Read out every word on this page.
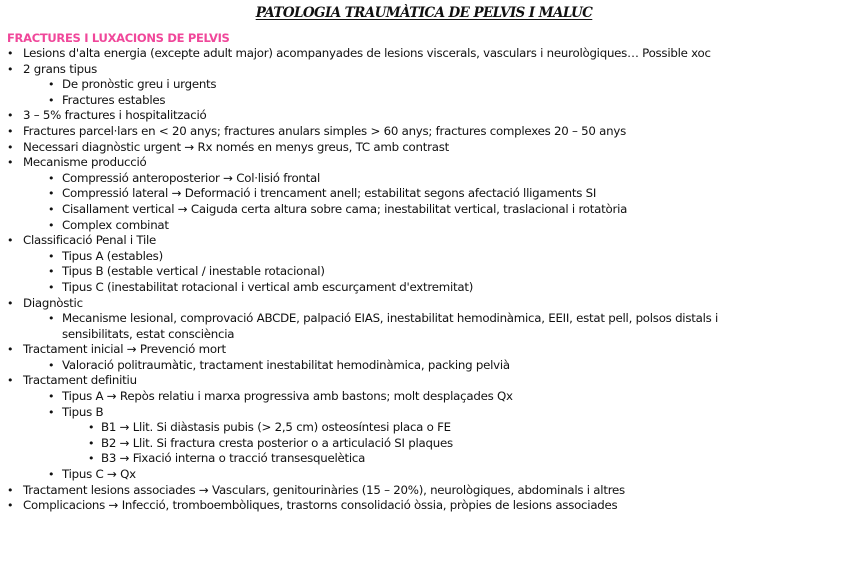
PATOLOGIA TRAUMÀTICA DE PELVIS I MALUC
FRACTURES I LUXACIONS DE PELVIS
• Lesions d'alta energia (excepte adult major) acompanyades de lesions viscerals, vasculars i neurològiques… Possible xoc
• 2 grans tipus
• De pronòstic greu i urgents
• Fractures estables
• 3 – 5% fractures i hospitalització
• Fractures parcel·lars en < 20 anys; fractures anulars simples > 60 anys; fractures complexes 20 – 50 anys
• Necessari diagnòstic urgent → Rx només en menys greus, TC amb contrast
• Mecanisme producció
• Compressió anteroposterior → Col·lisió frontal
• Compressió lateral → Deformació i trencament anell; estabilitat segons afectació lligaments SI
• Cisallament vertical → Caiguda certa altura sobre cama; inestabilitat vertical, traslacional i rotatòria
• Complex combinat
• Classificació Penal i Tile
• Tipus A (estables)
• Tipus B (estable vertical / inestable rotacional)
• Tipus C (inestabilitat rotacional i vertical amb escurçament d'extremitat)
• Diagnòstic
• Mecanisme lesional, comprovació ABCDE, palpació EIAS, inestabilitat hemodinàmica, EEII, estat pell, polsos distals i
sensibilitats, estat consciència
• Tractament inicial → Prevenció mort
• Valoració politraumàtic, tractament inestabilitat hemodinàmica, packing pelvià
• Tractament definitiu
• Tipus A → Repòs relatiu i marxa progressiva amb bastons; molt desplaçades Qx
• Tipus B
• B1 → Llit. Si diàstasis pubis (> 2,5 cm) osteosíntesi placa o FE
• B2 → Llit. Si fractura cresta posterior o a articulació SI plaques
• B3 → Fixació interna o tracció transesquelètica
• Tipus C → Qx
• Tractament lesions associades → Vasculars, genitourinàries (15 – 20%), neurològiques, abdominals i altres
• Complicacions → Infecció, tromboembòliques, trastorns consolidació òssia, pròpies de lesions associades
